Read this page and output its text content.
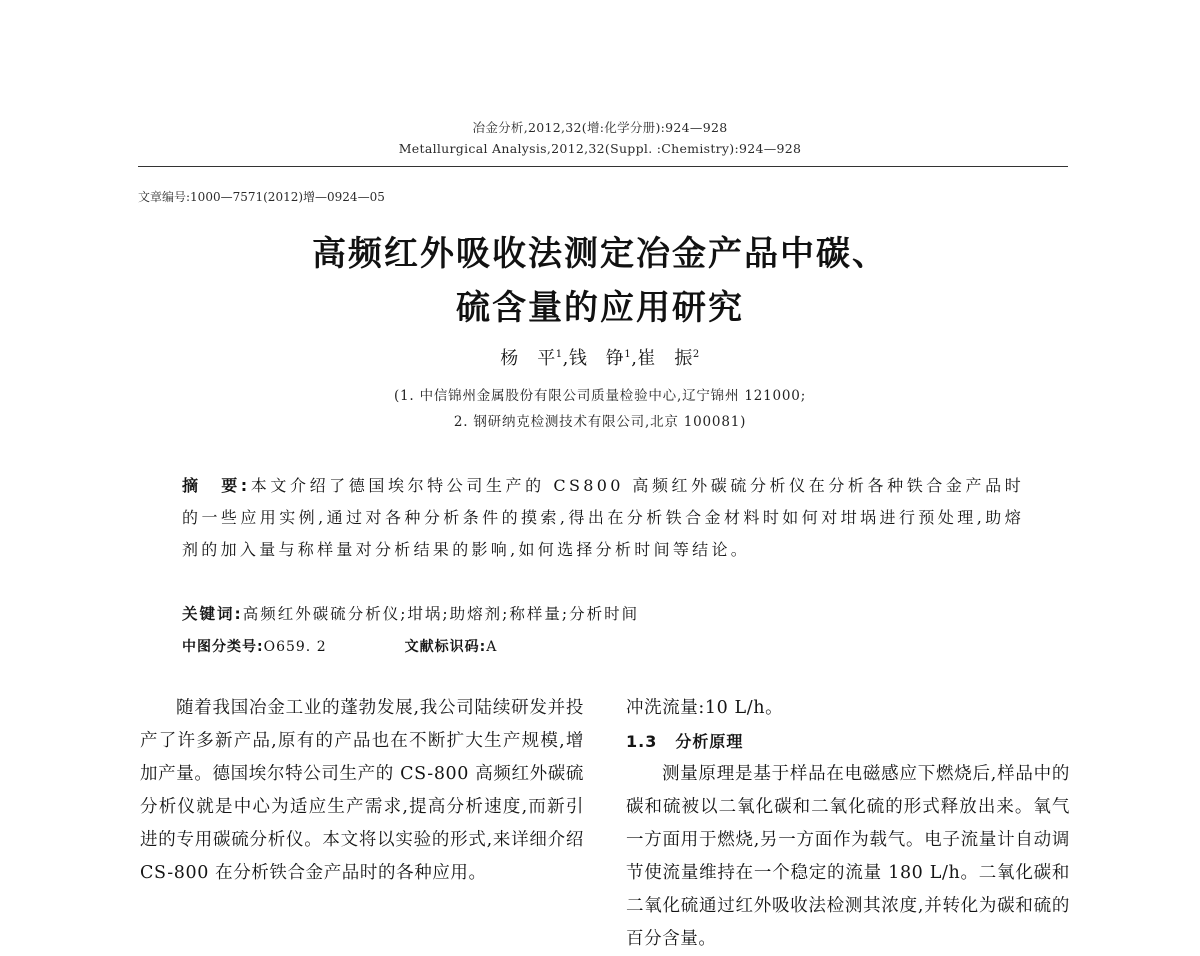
冶金分析,2012,32(增:化学分册):924—928
Metallurgical Analysis,2012,32(Suppl. :Chemistry):924—928
文章编号:1000—7571(2012)增—0924—05
高频红外吸收法测定冶金产品中碳、
硫含量的应用研究
杨　平$^1$,钱　铮$^1$,崔　振$^2$
(1. 中信锦州金属股份有限公司质量检验中心,辽宁锦州 121000;
2. 钢研纳克检测技术有限公司,北京 100081)
摘　要:本文介绍了德国埃尔特公司生产的 CS800 高频红外碳硫分析仪在分析各种铁合金产品时的一些应用实例,通过对各种分析条件的摸索,得出在分析铁合金材料时如何对坩埚进行预处理,助熔剂的加入量与称样量对分析结果的影响,如何选择分析时间等结论。
关键词:高频红外碳硫分析仪;坩埚;助熔剂;称样量;分析时间
中图分类号:O659. 2	文献标识码:A

随着我国冶金工业的蓬勃发展,我公司陆续研发并投产了许多新产品,原有的产品也在不断扩大生产规模,增加产量。德国埃尔特公司生产的 CS-800 高频红外碳硫分析仪就是中心为适应生产需求,提高分析速度,而新引进的专用碳硫分析仪。本文将以实验的形式,来详细介绍 CS-800 在分析铁合金产品时的各种应用。

冲洗流量:10 L/h。

1.3 分析原理

测量原理是基于样品在电磁感应下燃烧后,样品中的碳和硫被以二氧化碳和二氧化硫的形式释放出来。氧气一方面用于燃烧,另一方面作为载气。电子流量计自动调节使流量维持在一个稳定的流量 180 L/h。二氧化碳和二氧化硫通过红外吸收法检测其浓度,并转化为碳和硫的百分含量。
